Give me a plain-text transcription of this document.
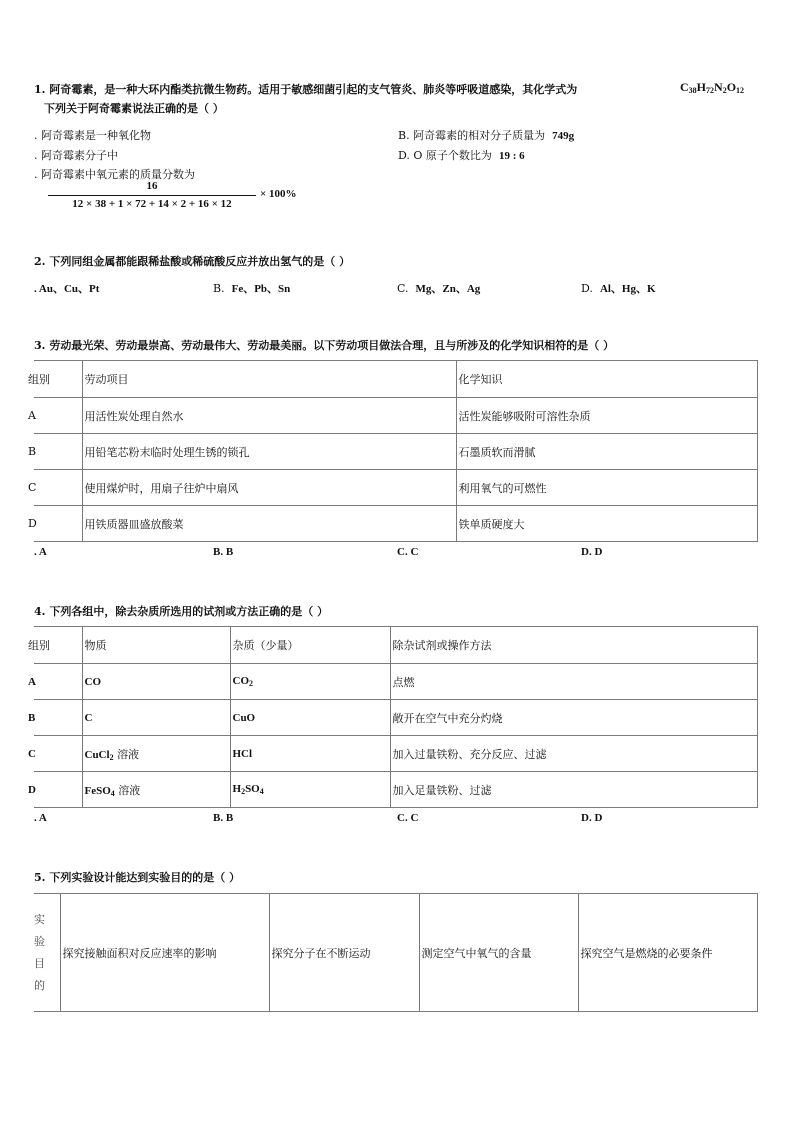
1. 阿奇霉素，是一种大环内酯类抗微生物药。适用于敏感细菌引起的支气管炎、肺炎等呼吸道感染，其化学式为	$C_{38}H_{72}N_2O_{12}$
下列关于阿奇霉素说法正确的是（ ）
. 阿奇霉素是一种氧化物	B. 阿奇霉素的相对分子质量为 749g
. 阿奇霉素分子中	D. O 原子个数比为 19 : 6
. 阿奇霉素中氧元素的质量分数为
16
12 × 38 + 1 × 72 + 14 × 2 + 16 × 12
× 100%
2. 下列同组金属都能跟稀盐酸或稀硫酸反应并放出氢气的是（ ）
. Au、Cu、Pt	B. Fe、Pb、Sn	C. Mg、Zn、Ag	D. Al、Hg、K
3. 劳动最光荣、劳动最崇高、劳动最伟大、劳动最美丽。以下劳动项目做法合理，且与所涉及的化学知识相符的是（ ）
组别	劳动项目	化学知识
A	用活性炭处理自然水	活性炭能够吸附可溶性杂质
B	用铅笔芯粉末临时处理生锈的锁孔	石墨质软而滑腻
C	使用煤炉时，用扇子往炉中扇风	利用氧气的可燃性
D	用铁质器皿盛放酸菜	铁单质硬度大
. A	B. B	C. C	D. D
4. 下列各组中，除去杂质所选用的试剂或方法正确的是（ ）
组别	物质	杂质（少量）	除杂试剂或操作方法
A	CO	$CO_2$	点燃
B	C	CuO	敞开在空气中充分灼烧
C	CuCl$_2$ 溶液	HCl	加入过量铁粉、充分反应、过滤
D	FeSO$_4$ 溶液	$H_2SO_4$	加入足量铁粉、过滤
. A	B. B	C. C	D. D
5. 下列实验设计能达到实验目的的是（ ）
实
验
目
的
	探究接触面积对反应速率的影响	探究分子在不断运动	测定空气中氧气的含量	探究空气是燃烧的必要条件
